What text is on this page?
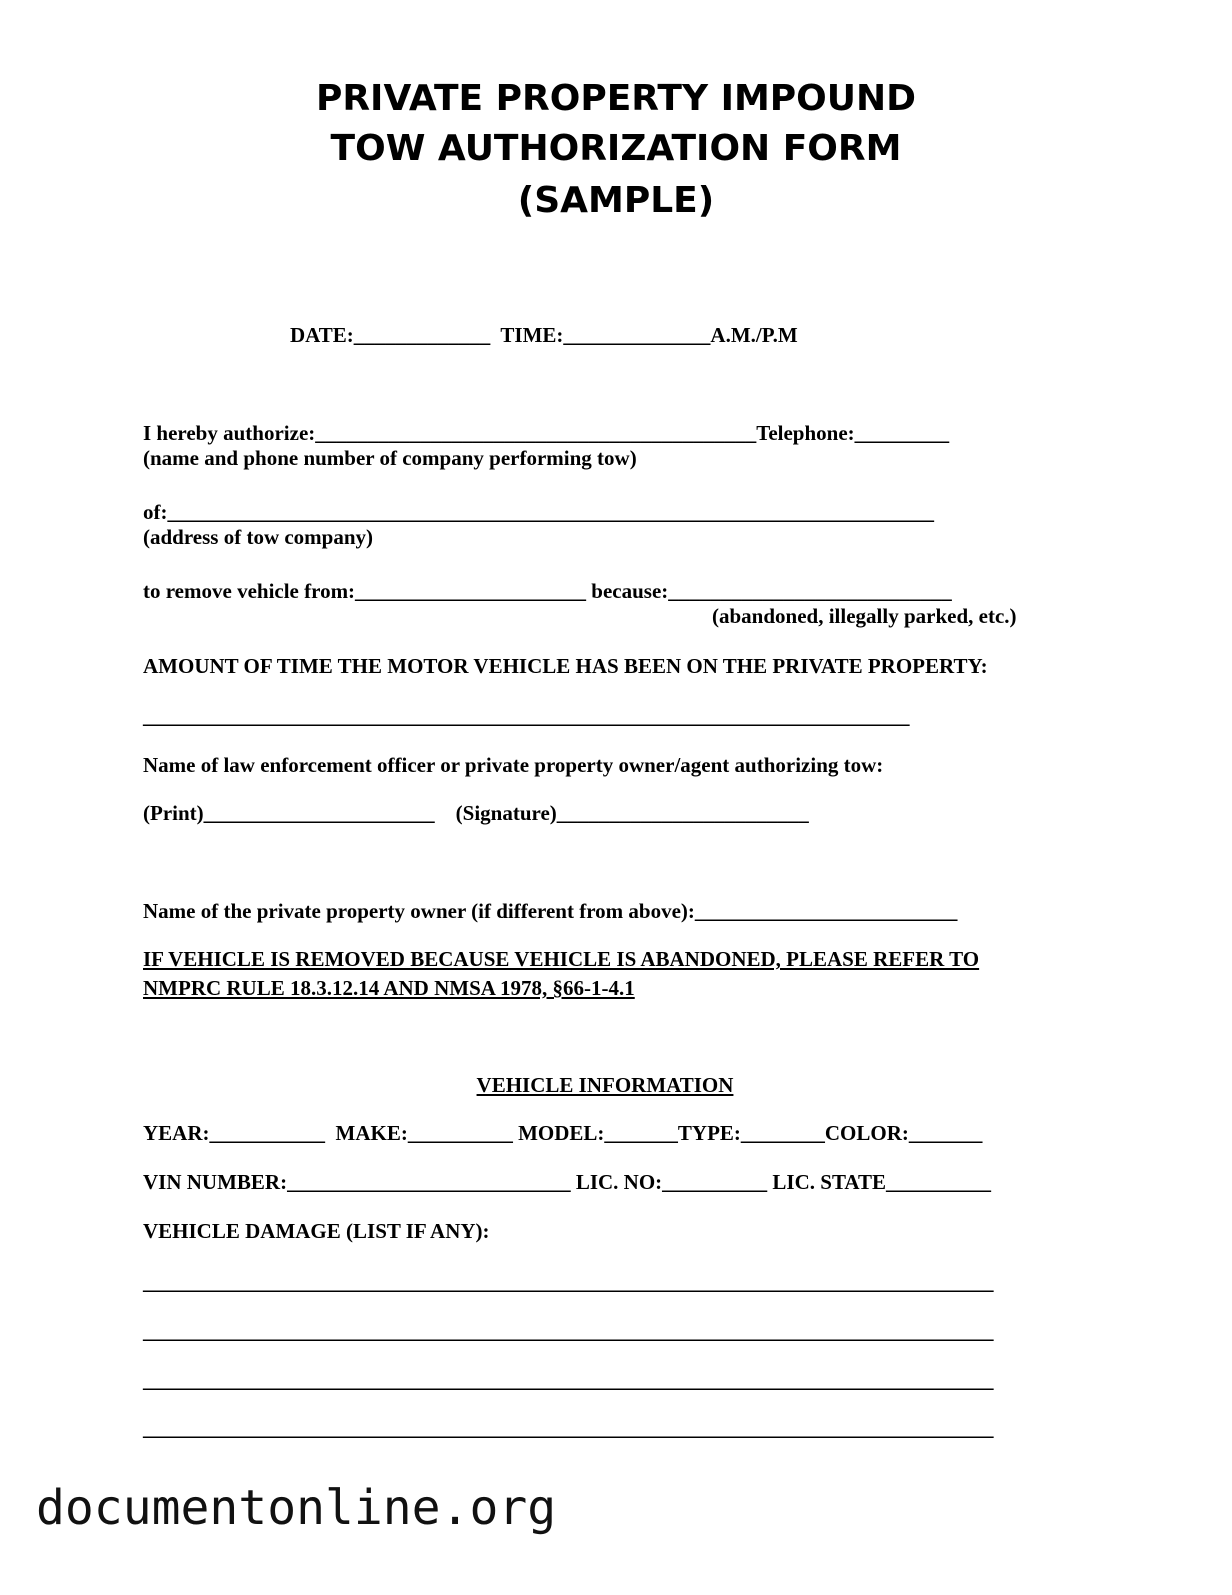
PRIVATE PROPERTY IMPOUND
TOW AUTHORIZATION FORM
(SAMPLE)
DATE:_____________  TIME:______________A.M./P.M
I hereby authorize:__________________________________________Telephone:_________
(name and phone number of company performing tow)
of:_________________________________________________________________________
(address of tow company)
to remove vehicle from:______________________ because:___________________________
(abandoned, illegally parked, etc.)
AMOUNT OF TIME THE MOTOR VEHICLE HAS BEEN ON THE PRIVATE PROPERTY:
_________________________________________________________________________
Name of law enforcement officer or private property owner/agent authorizing tow:
(Print)______________________    (Signature)________________________
Name of the private property owner (if different from above):_________________________
IF VEHICLE IS REMOVED BECAUSE VEHICLE IS ABANDONED, PLEASE REFER TO
NMPRC RULE 18.3.12.14 AND NMSA 1978, §66-1-4.1
VEHICLE INFORMATION
YEAR:___________  MAKE:__________ MODEL:_______TYPE:________COLOR:_______
VIN NUMBER:___________________________ LIC. NO:__________ LIC. STATE__________
VEHICLE DAMAGE (LIST IF ANY):
_________________________________________________________________________________
_________________________________________________________________________________
_________________________________________________________________________________
_________________________________________________________________________________
documentonline.org
